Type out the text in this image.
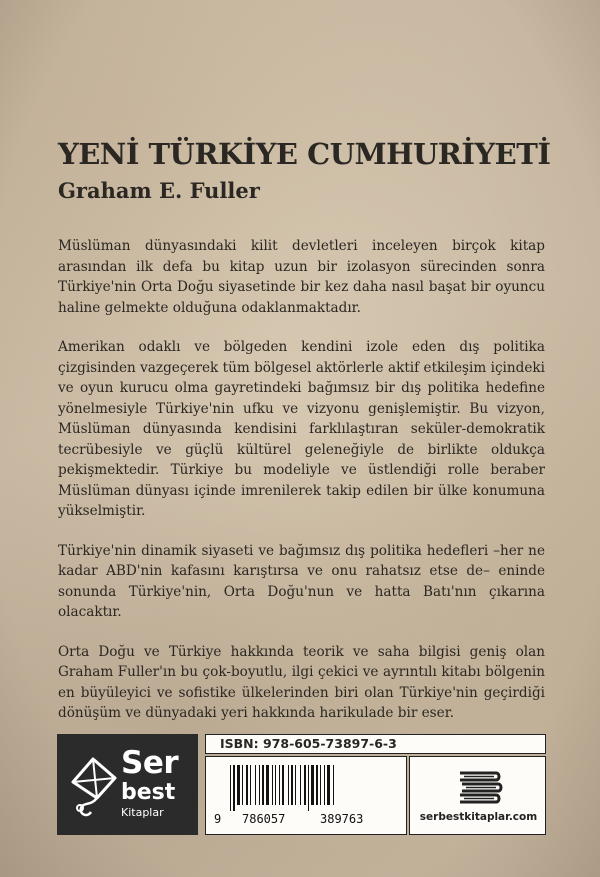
YENİ TÜRKİYE CUMHURİYETİ
Graham E. Fuller

Müslüman dünyasındaki kilit devletleri inceleyen birçok kitap arasından ilk defa bu kitap uzun bir izolasyon sürecinden sonra Türkiye'nin Orta Doğu siyasetinde bir kez daha nasıl başat bir oyuncu haline gelmekte olduğuna odaklanmaktadır.

Amerikan odaklı ve bölgeden kendini izole eden dış politika çizgisinden vazgeçerek tüm bölgesel aktörlerle aktif etkileşim içindeki ve oyun kurucu olma gayretindeki bağımsız bir dış politika hedefine yönelmesiyle Türkiye'nin ufku ve vizyonu genişlemiştir. Bu vizyon, Müslüman dünyasında kendisini farklılaştıran seküler-demokratik tecrübesiyle ve güçlü kültürel geleneğiyle de birlikte oldukça pekişmektedir. Türkiye bu modeliyle ve üstlendiği rolle beraber Müslüman dünyası içinde imrenilerek takip edilen bir ülke konumuna yükselmiştir.

Türkiye'nin dinamik siyaseti ve bağımsız dış politika hedefleri –her ne kadar ABD'nin kafasını karıştırsa ve onu rahatsız etse de– eninde sonunda Türkiye'nin, Orta Doğu'nun ve hatta Batı'nın çıkarına olacaktır.

Orta Doğu ve Türkiye hakkında teorik ve saha bilgisi geniş olan Graham Fuller'ın bu çok-boyutlu, ilgi çekici ve ayrıntılı kitabı bölgenin en büyüleyici ve sofistike ülkelerinden biri olan Türkiye'nin geçirdiği dönüşüm ve dünyadaki yeri hakkında harikulade bir eser.

Ser
best
Kitaplar
ISBN: 978-605-73897-6-3
9 786057	389763	serbestkitaplar.com
